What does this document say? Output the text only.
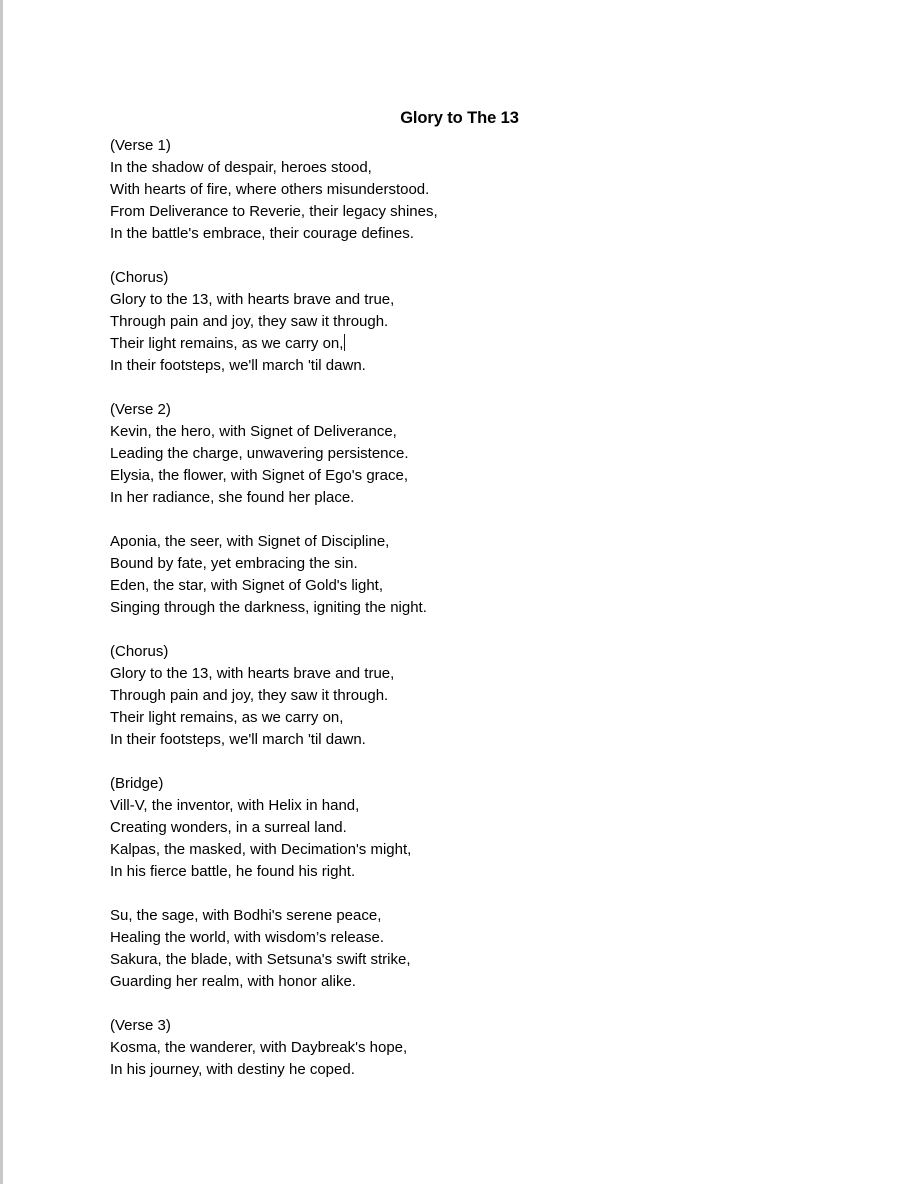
Glory to The 13
(Verse 1)
In the shadow of despair, heroes stood,
With hearts of fire, where others misunderstood.
From Deliverance to Reverie, their legacy shines,
In the battle's embrace, their courage defines.
(Chorus)
Glory to the 13, with hearts brave and true,
Through pain and joy, they saw it through.
Their light remains, as we carry on,
In their footsteps, we'll march 'til dawn.
(Verse 2)
Kevin, the hero, with Signet of Deliverance,
Leading the charge, unwavering persistence.
Elysia, the flower, with Signet of Ego's grace,
In her radiance, she found her place.
Aponia, the seer, with Signet of Discipline,
Bound by fate, yet embracing the sin.
Eden, the star, with Signet of Gold's light,
Singing through the darkness, igniting the night.
(Chorus)
Glory to the 13, with hearts brave and true,
Through pain and joy, they saw it through.
Their light remains, as we carry on,
In their footsteps, we'll march 'til dawn.
(Bridge)
Vill-V, the inventor, with Helix in hand,
Creating wonders, in a surreal land.
Kalpas, the masked, with Decimation's might,
In his fierce battle, he found his right.
Su, the sage, with Bodhi's serene peace,
Healing the world, with wisdom’s release.
Sakura, the blade, with Setsuna's swift strike,
Guarding her realm, with honor alike.
(Verse 3)
Kosma, the wanderer, with Daybreak's hope,
In his journey, with destiny he coped.
